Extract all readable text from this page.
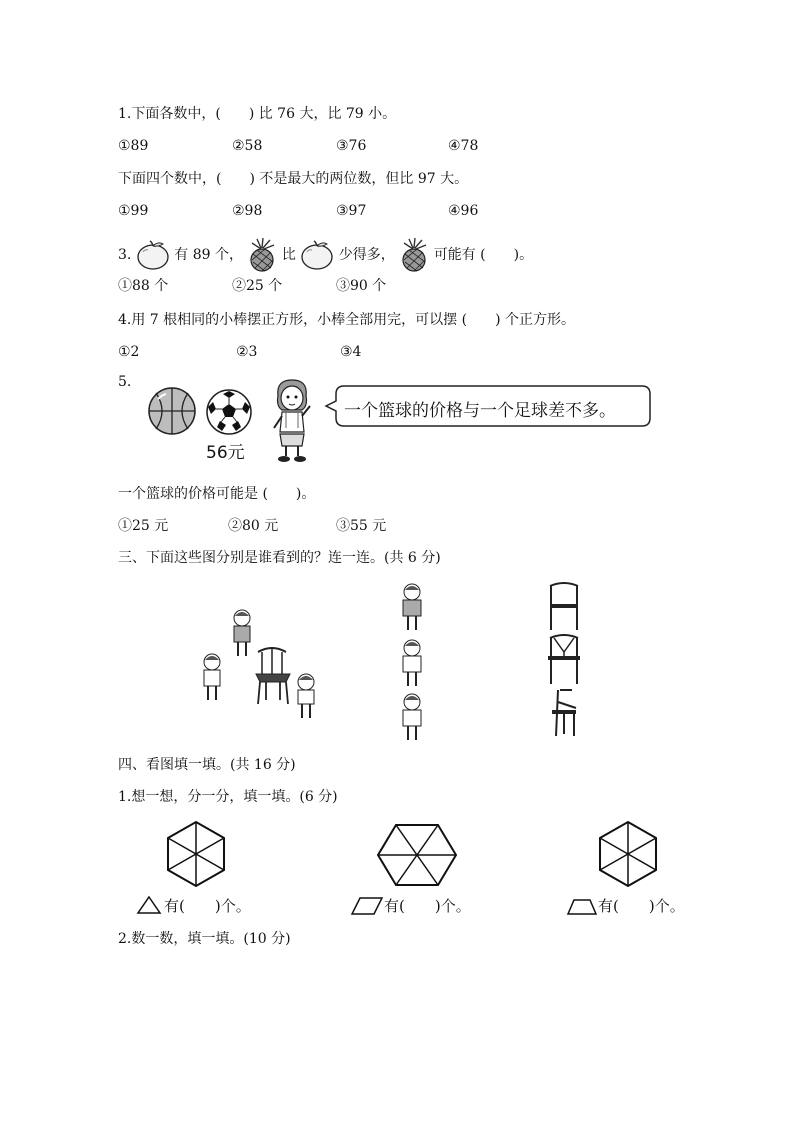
1.下面各数中，(　　) 比 76 大，比 79 小。
①89	②58	③76	④78
下面四个数中，(　　) 不是最大的两位数，但比 97 大。
①99	②98	③97	④96
3.	有 89 个，	比	少得多，	可能有 (　　)。
①88 个	②25 个	③90 个
4.用 7 根相同的小棒摆正方形，小棒全部用完，可以摆 (　　) 个正方形。
①2	②3	③4
5.
56元
一个篮球的价格与一个足球差不多。
一个篮球的价格可能是 (　　)。
①25 元	②80 元	③55 元
三、下面这些图分别是谁看到的？连一连。(共 6 分)
四、看图填一填。(共 16 分)
1.想一想，分一分，填一填。(6 分)
有(　　)个。	有(　　)个。	有(　　)个。
2.数一数，填一填。(10 分)
